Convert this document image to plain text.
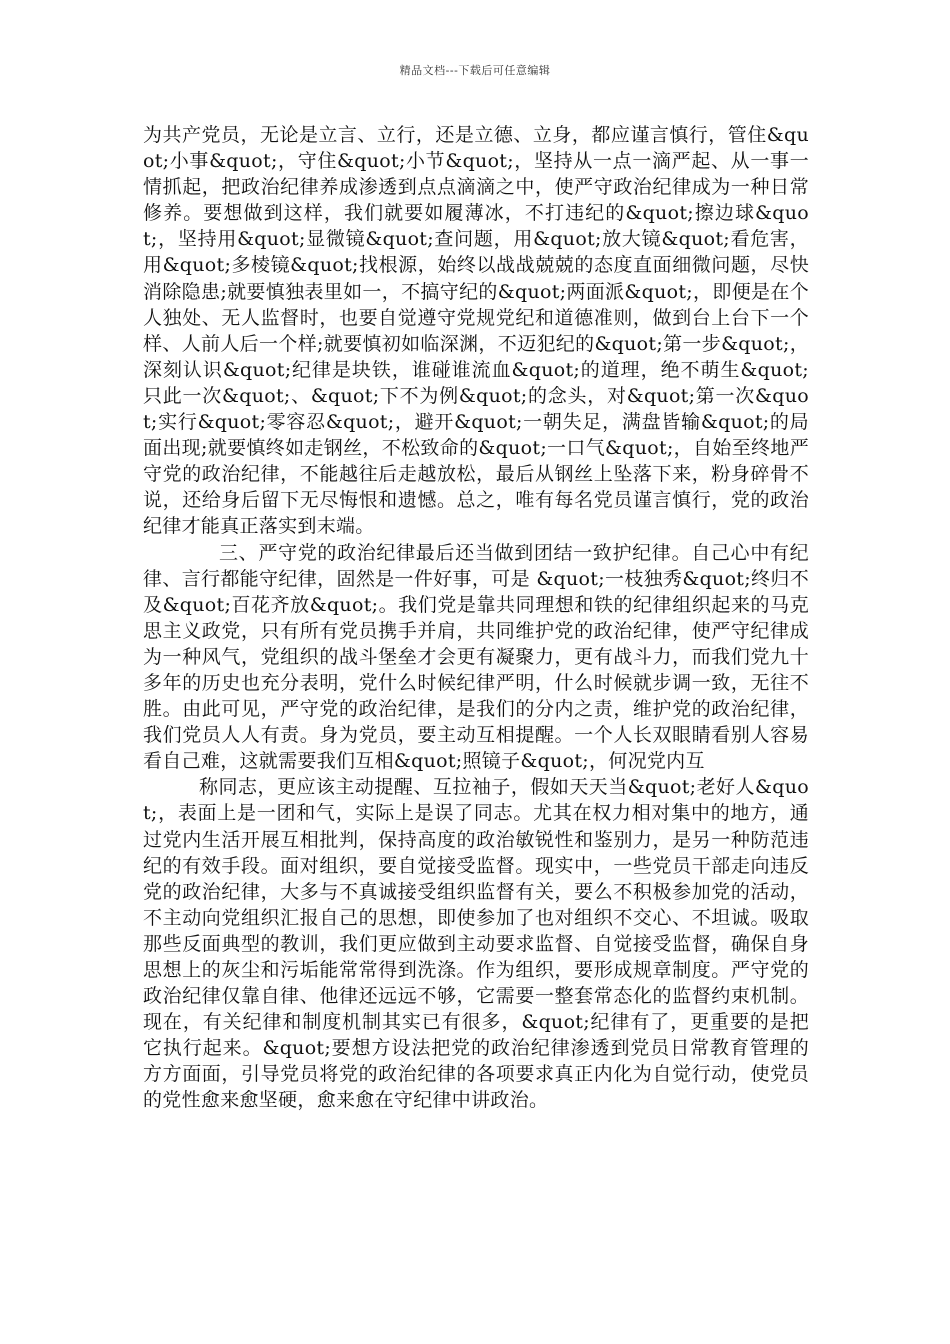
精品文档---下载后可任意编辑

为共产党员，无论是立言、立行，还是立德、立身，都应谨言慎行，管住&quot;小事&quot;，守住&quot;小节&quot;，坚持从一点一滴严起、从一事一情抓起，把政治纪律养成渗透到点点滴滴之中，使严守政治纪律成为一种日常修养。要想做到这样，我们就要如履薄冰，不打违纪的&quot;擦边球&quot;，坚持用&quot;显微镜&quot;查问题，用&quot;放大镜&quot;看危害，用&quot;多棱镜&quot;找根源，始终以战战兢兢的态度直面细微问题，尽快消除隐患;就要慎独表里如一，不搞守纪的&quot;两面派&quot;，即便是在个人独处、无人监督时，也要自觉遵守党规党纪和道德准则，做到台上台下一个样、人前人后一个样;就要慎初如临深渊，不迈犯纪的&quot;第一步&quot;，深刻认识&quot;纪律是块铁，谁碰谁流血&quot;的道理，绝不萌生&quot;只此一次&quot;、&quot;下不为例&quot;的念头，对&quot;第一次&quot;实行&quot;零容忍&quot;，避开&quot;一朝失足，满盘皆输&quot;的局面出现;就要慎终如走钢丝，不松致命的&quot;一口气&quot;，自始至终地严守党的政治纪律，不能越往后走越放松，最后从钢丝上坠落下来，粉身碎骨不说，还给身后留下无尽悔恨和遗憾。总之，唯有每名党员谨言慎行，党的政治纪律才能真正落实到末端。

三、严守党的政治纪律最后还当做到团结一致护纪律。自己心中有纪律、言行都能守纪律，固然是一件好事，可是 &quot;一枝独秀&quot;终归不及&quot;百花齐放&quot;。我们党是靠共同理想和铁的纪律组织起来的马克思主义政党，只有所有党员携手并肩，共同维护党的政治纪律，使严守纪律成为一种风气，党组织的战斗堡垒才会更有凝聚力，更有战斗力，而我们党九十多年的历史也充分表明，党什么时候纪律严明，什么时候就步调一致，无往不胜。由此可见，严守党的政治纪律，是我们的分内之责，维护党的政治纪律，我们党员人人有责。身为党员，要主动互相提醒。一个人长双眼睛看别人容易看自己难，这就需要我们互相&quot;照镜子&quot;，何况党内互

称同志，更应该主动提醒、互拉袖子，假如天天当&quot;老好人&quot;，表面上是一团和气，实际上是误了同志。尤其在权力相对集中的地方，通过党内生活开展互相批判，保持高度的政治敏锐性和鉴别力，是另一种防范违纪的有效手段。面对组织，要自觉接受监督。现实中，一些党员干部走向违反党的政治纪律，大多与不真诚接受组织监督有关，要么不积极参加党的活动，不主动向党组织汇报自己的思想，即使参加了也对组织不交心、不坦诚。吸取那些反面典型的教训，我们更应做到主动要求监督、自觉接受监督，确保自身思想上的灰尘和污垢能常常得到洗涤。作为组织，要形成规章制度。严守党的政治纪律仅靠自律、他律还远远不够，它需要一整套常态化的监督约束机制。现在，有关纪律和制度机制其实已有很多，&quot;纪律有了，更重要的是把它执行起来。&quot;要想方设法把党的政治纪律渗透到党员日常教育管理的方方面面，引导党员将党的政治纪律的各项要求真正内化为自觉行动，使党员的党性愈来愈坚硬，愈来愈在守纪律中讲政治。
